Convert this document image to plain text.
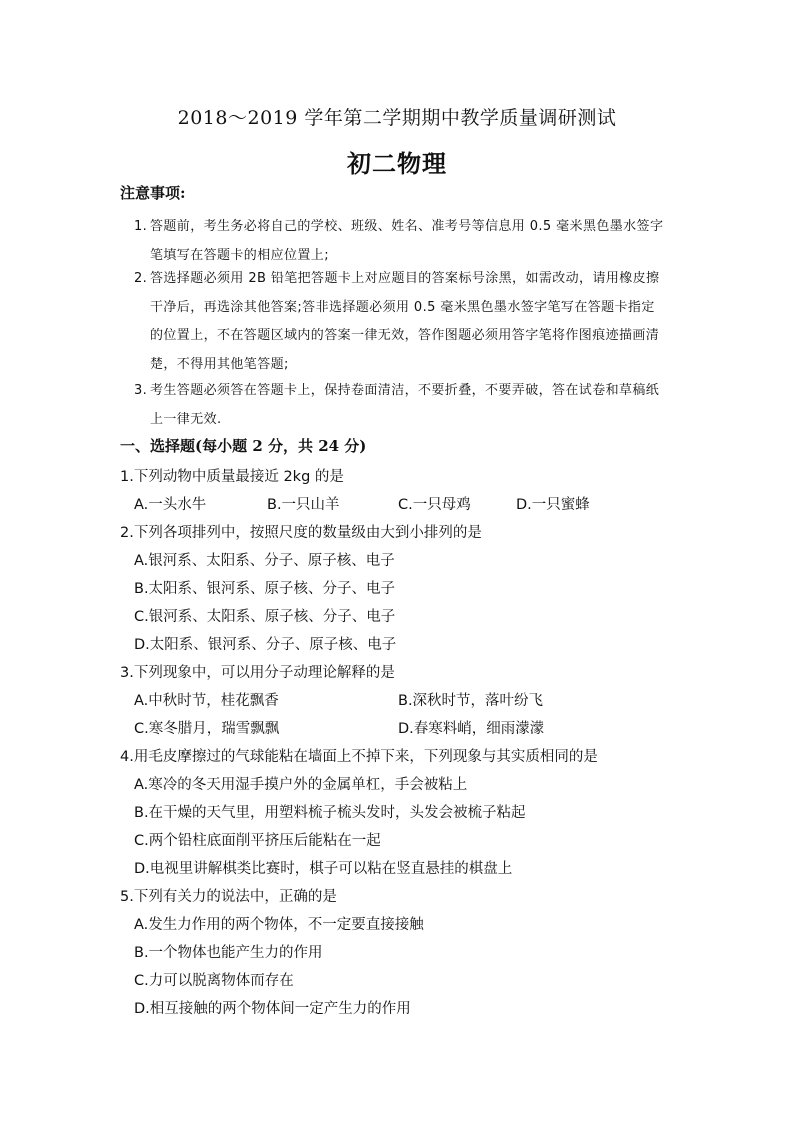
2018～2019 学年第二学期期中教学质量调研测试
初二物理
注意事项:
1. 答题前，考生务必将自己的学校、班级、姓名、准考号等信息用 0.5 毫米黑色墨水签字
笔填写在答题卡的相应位置上;
2. 答选择题必须用 2B 铅笔把答题卡上对应题目的答案标号涂黑，如需改动，请用橡皮擦
干净后，再选涂其他答案;答非选择题必须用 0.5 毫米黑色墨水签字笔写在答题卡指定
的位置上，不在答题区域内的答案一律无效，答作图题必须用答字笔将作图痕迹描画清
楚，不得用其他笔答题;
3. 考生答题必须答在答题卡上，保持卷面清洁，不要折叠，不要弄破，答在试卷和草稿纸
上一律无效.
一、选择题(每小题 2 分，共 24 分)
1.下列动物中质量最接近 2kg 的是
A.一头水牛	B.一只山羊	C.一只母鸡	D.一只蜜蜂
2.下列各项排列中，按照尺度的数量级由大到小排列的是
A.银河系、太阳系、分子、原子核、电子
B.太阳系、银河系、原子核、分子、电子
C.银河系、太阳系、原子核、分子、电子
D.太阳系、银河系、分子、原子核、电子
3.下列现象中，可以用分子动理论解释的是
A.中秋时节，桂花飘香	B.深秋时节，落叶纷飞
C.寒冬腊月，瑞雪飘飘	D.春寒料峭，细雨濛濛
4.用毛皮摩擦过的气球能粘在墙面上不掉下来，下列现象与其实质相同的是
A.寒冷的冬天用湿手摸户外的金属单杠，手会被粘上
B.在干燥的天气里，用塑料梳子梳头发时，头发会被梳子粘起
C.两个铅柱底面削平挤压后能粘在一起
D.电视里讲解棋类比赛时，棋子可以粘在竖直悬挂的棋盘上
5.下列有关力的说法中，正确的是
A.发生力作用的两个物体，不一定要直接接触
B.一个物体也能产生力的作用
C.力可以脱离物体而存在
D.相互接触的两个物体间一定产生力的作用
